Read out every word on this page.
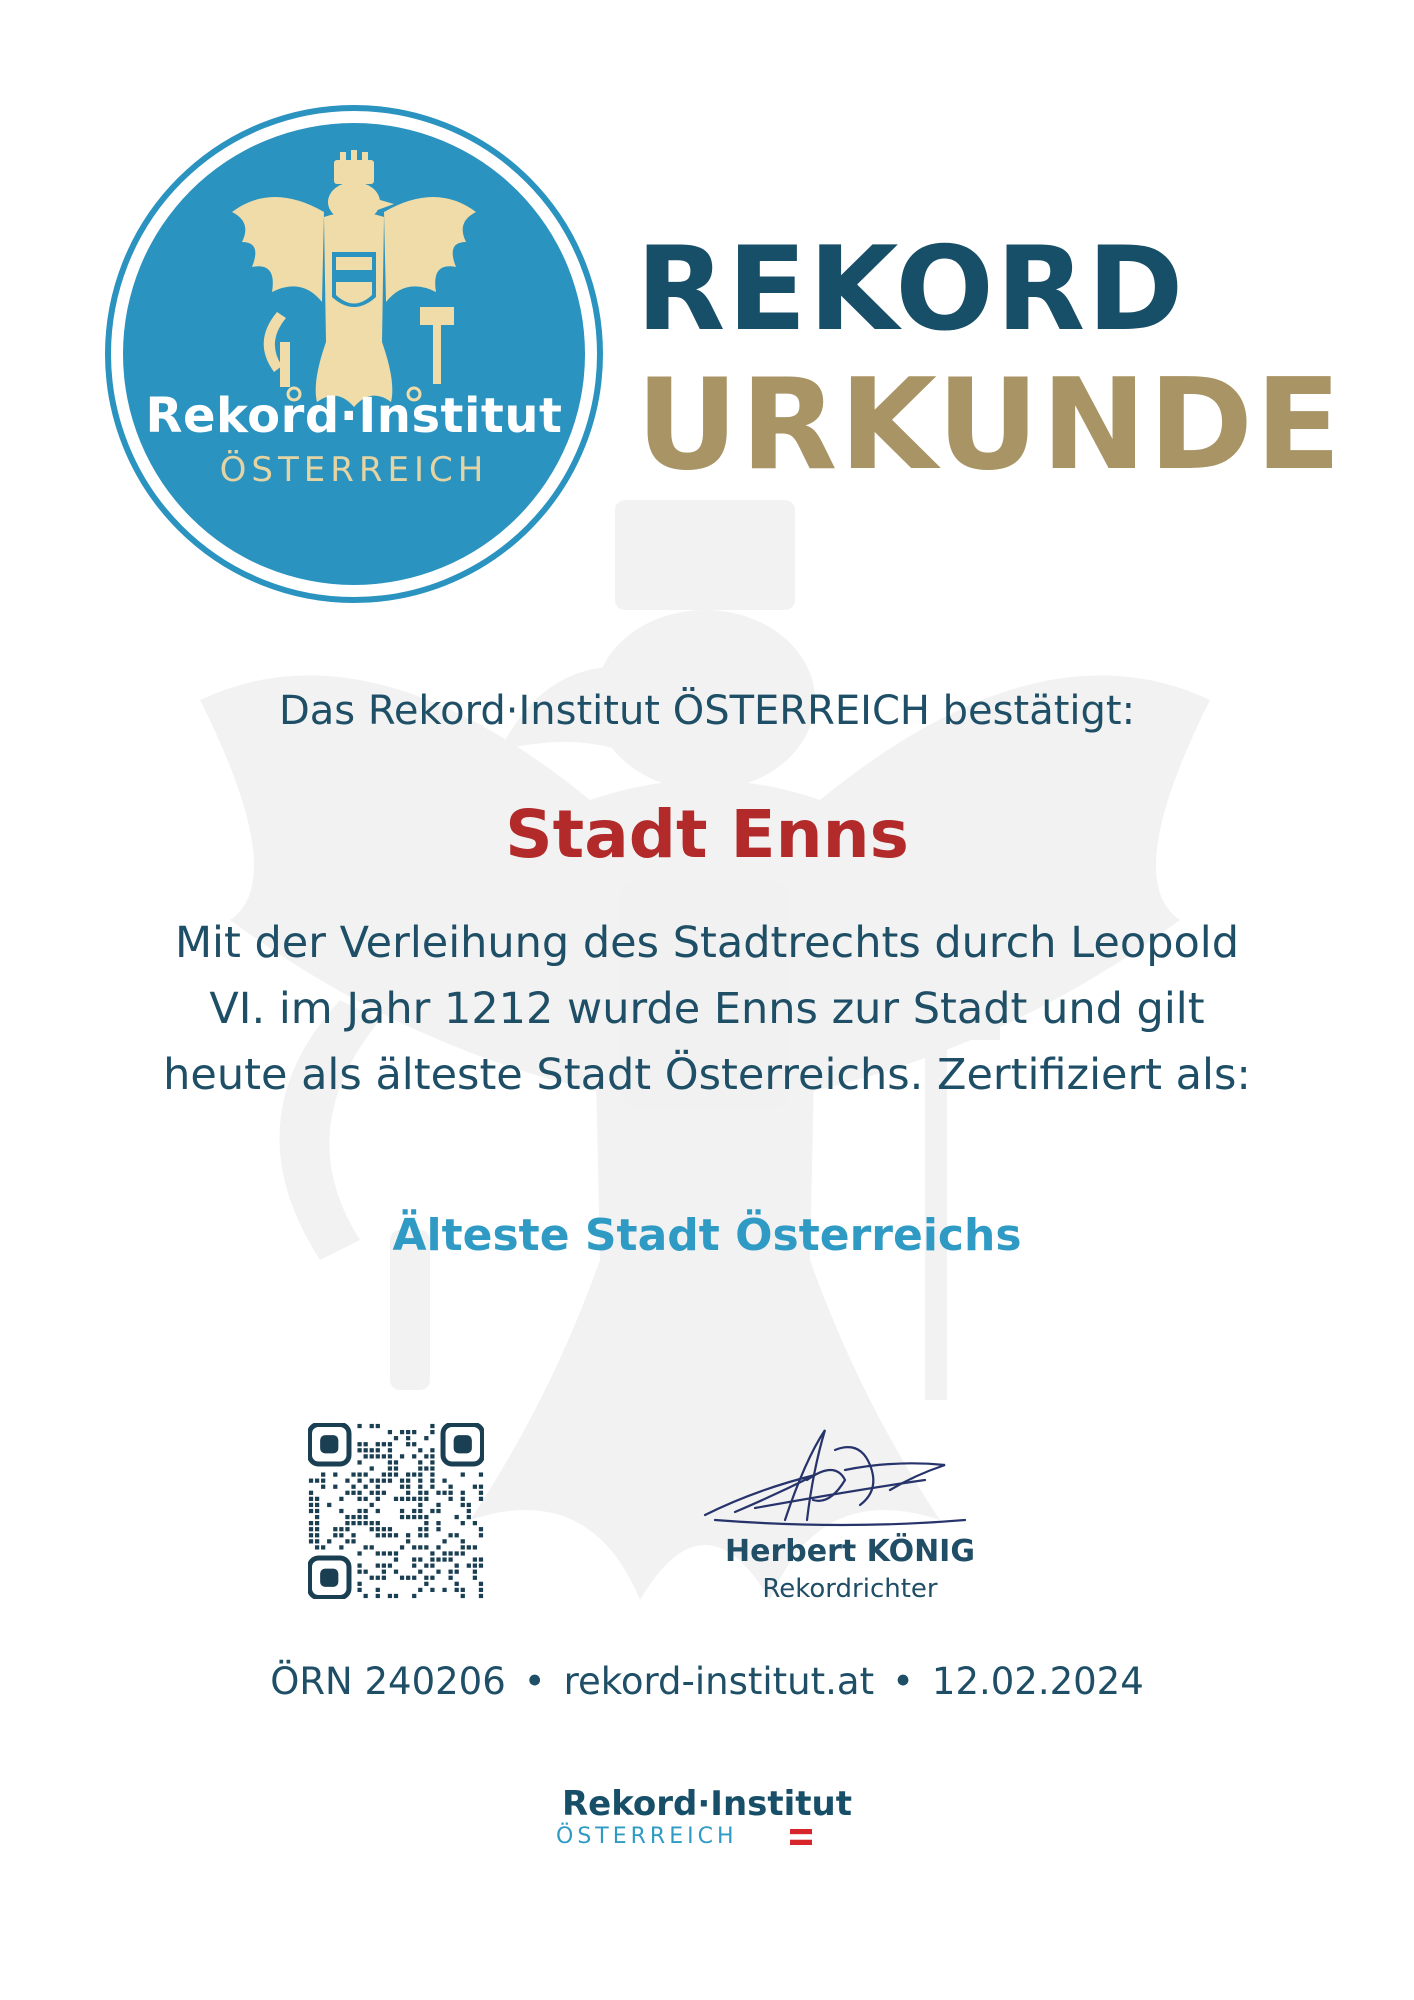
Rekord·Institut
ÖSTERREICH
REKORD
URKUNDE
Das Rekord·Institut ÖSTERREICH bestätigt:
Stadt Enns
Mit der Verleihung des Stadtrechts durch Leopold VI. im Jahr 1212 wurde Enns zur Stadt und gilt heute als älteste Stadt Österreichs. Zertifiziert als:
Älteste Stadt Österreichs
Herbert KÖNIG
Rekordrichter
ÖRN 240206 • rekord-institut.at • 12.02.2024
Rekord·Institut
ÖSTERREICH
